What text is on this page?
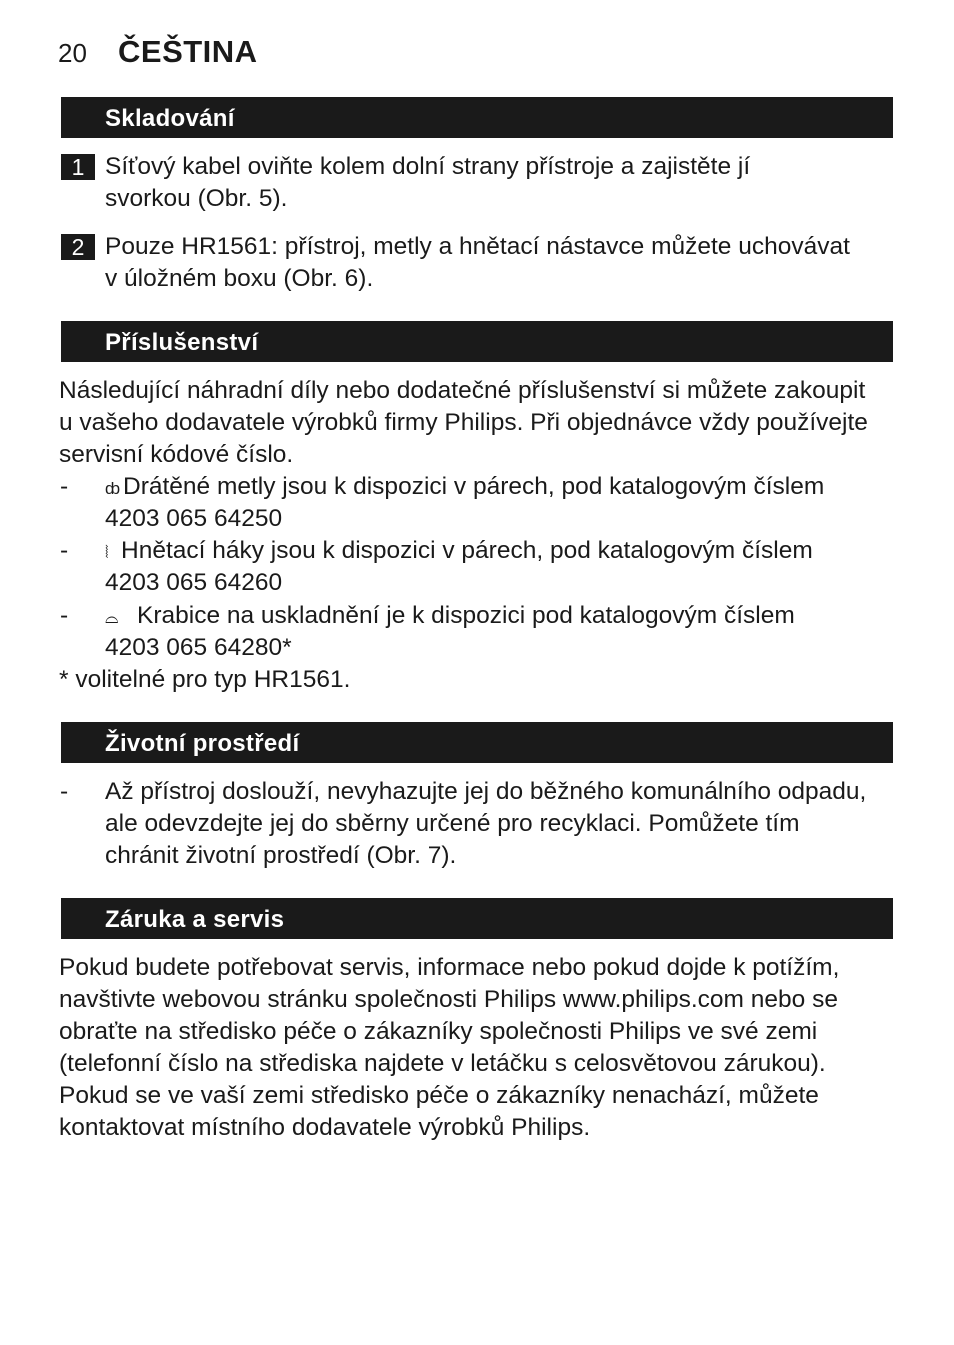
20 ČEŠTINA
Skladování
1 Síťový kabel oviňte kolem dolní strany přístroje a zajistěte jí
svorkou (Obr. 5).
2 Pouze HR1561: přístroj, metly a hnětací nástavce můžete uchovávat
v úložném boxu (Obr. 6).
Příslušenství
Následující náhradní díly nebo dodatečné příslušenství si můžete zakoupit
u vašeho dodavatele výrobků firmy Philips. Při objednávce vždy používejte
servisní kódové číslo.
- ȸ Drátěné metly jsou k dispozici v párech, pod katalogovým číslem
4203 065 64250
- ⦚ Hnětací háky jsou k dispozici v párech, pod katalogovým číslem
4203 065 64260
- ⌓ Krabice na uskladnění je k dispozici pod katalogovým číslem
4203 065 64280*
* volitelné pro typ HR1561.
Životní prostředí
- Až přístroj doslouží, nevyhazujte jej do běžného komunálního odpadu,
ale odevzdejte jej do sběrny určené pro recyklaci. Pomůžete tím
chránit životní prostředí (Obr. 7).
Záruka a servis
Pokud budete potřebovat servis, informace nebo pokud dojde k potížím,
navštivte webovou stránku společnosti Philips www.philips.com nebo se
obraťte na středisko péče o zákazníky společnosti Philips ve své zemi
(telefonní číslo na střediska najdete v letáčku s celosvětovou zárukou).
Pokud se ve vaší zemi středisko péče o zákazníky nenachází, můžete
kontaktovat místního dodavatele výrobků Philips.
